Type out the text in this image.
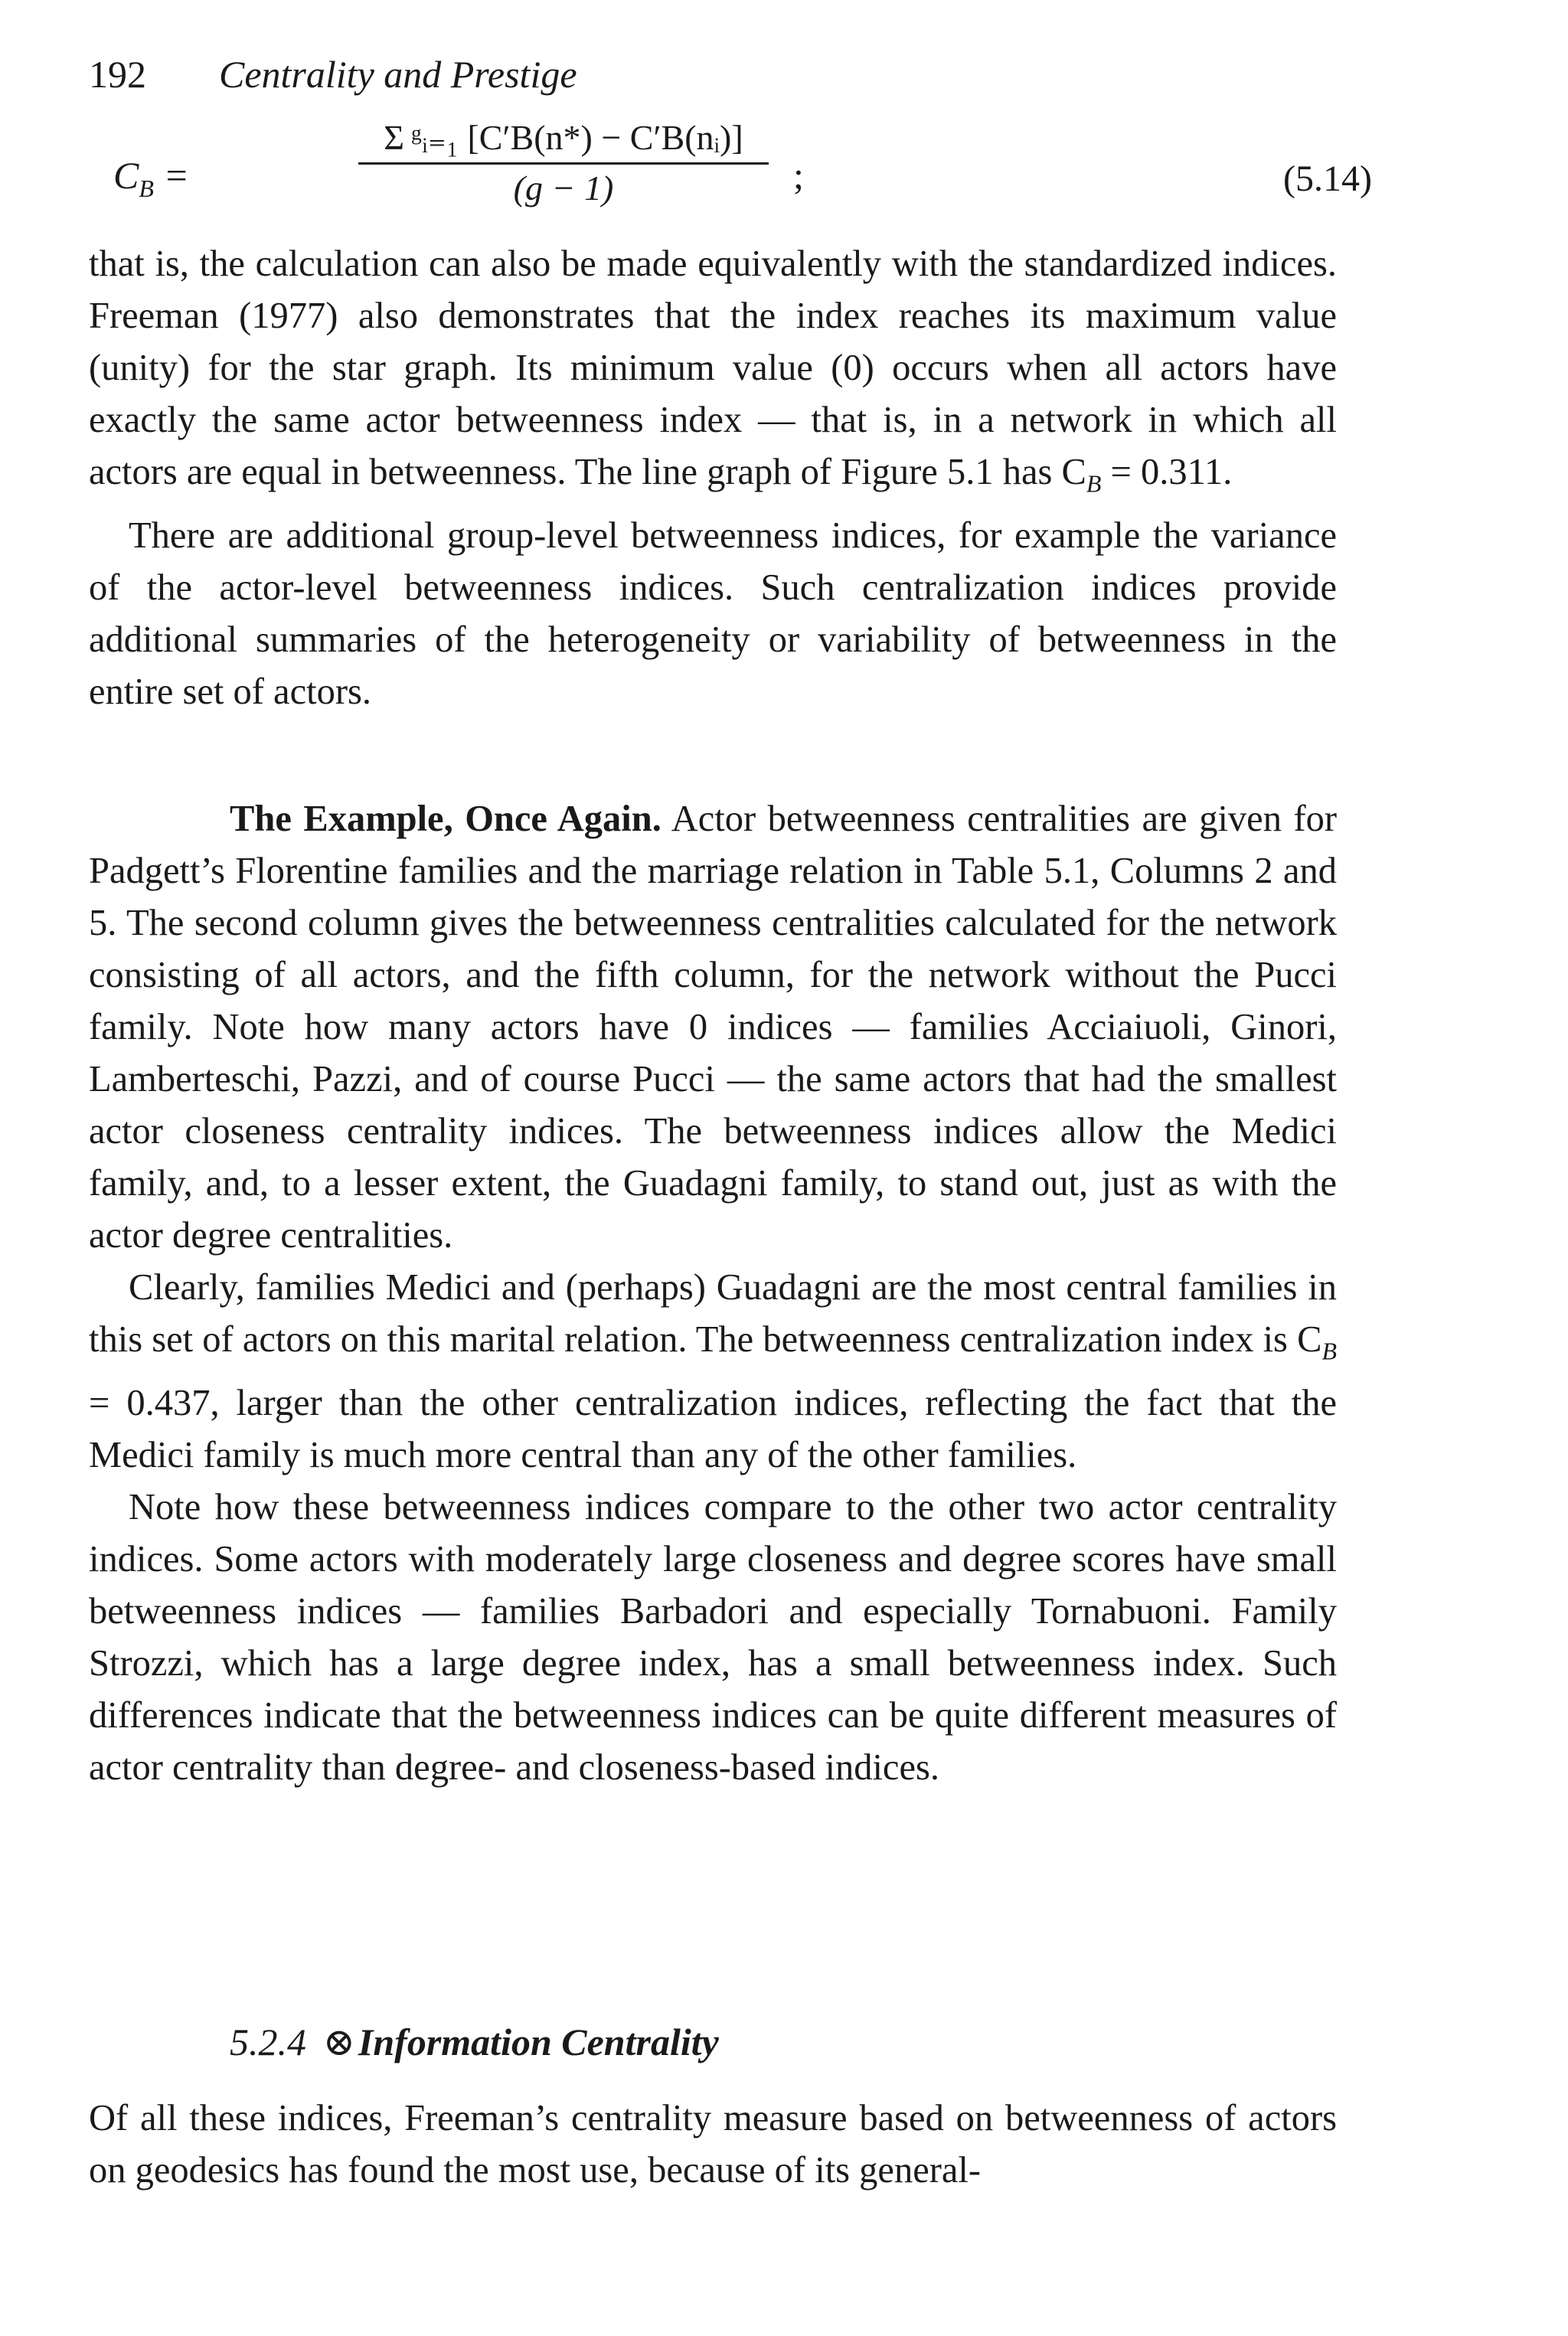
192 Centrality and Prestige
$C_B$ =
Σ ᵍᵢ₌₁ [C′B(n*) − C′B(nᵢ)]
(g − 1)	;	(5.14)

that is, the calculation can also be made equivalently with the standardized indices. Freeman (1977) also demonstrates that the index reaches its maximum value (unity) for the star graph. Its minimum value (0) occurs when all actors have exactly the same actor betweenness index — that is, in a network in which all actors are equal in betweenness. The line graph of Figure 5.1 has $C_B = 0.311$.

There are additional group-level betweenness indices, for example the variance of the actor-level betweenness indices. Such centralization indices provide additional summaries of the heterogeneity or variability of betweenness in the entire set of actors.

The Example, Once Again. Actor betweenness centralities are given for Padgett’s Florentine families and the marriage relation in Table 5.1, Columns 2 and 5. The second column gives the betweenness centralities calculated for the network consisting of all actors, and the fifth column, for the network without the Pucci family. Note how many actors have 0 indices — families Acciaiuoli, Ginori, Lamberteschi, Pazzi, and of course Pucci — the same actors that had the smallest actor closeness centrality indices. The betweenness indices allow the Medici family, and, to a lesser extent, the Guadagni family, to stand out, just as with the actor degree centralities.

Clearly, families Medici and (perhaps) Guadagni are the most central families in this set of actors on this marital relation. The betweenness centralization index is $C_B = 0.437$, larger than the other centralization indices, reflecting the fact that the Medici family is much more central than any of the other families.

Note how these betweenness indices compare to the other two actor centrality indices. Some actors with moderately large closeness and degree scores have small betweenness indices — families Barbadori and especially Tornabuoni. Family Strozzi, which has a large degree index, has a small betweenness index. Such differences indicate that the betweenness indices can be quite different measures of actor centrality than degree- and closeness-based indices.

5.2.4 ⊗Information Centrality

Of all these indices, Freeman’s centrality measure based on betweenness of actors on geodesics has found the most use, because of its general-
